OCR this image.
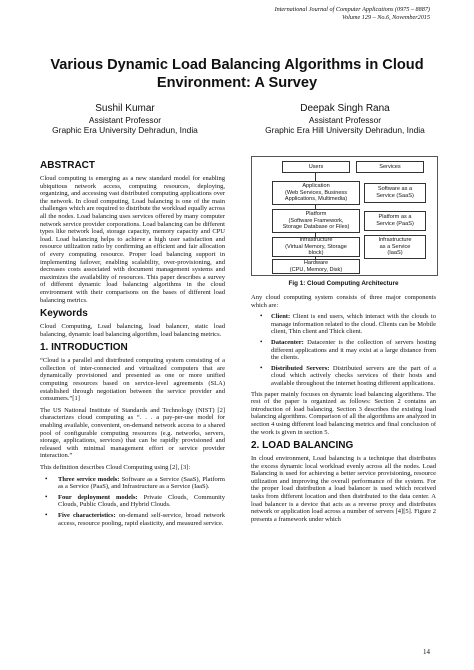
International Journal of Computer Applications (0975 – 8887)
Volume 129 – No.6, November2015
Various Dynamic Load Balancing Algorithms in Cloud Environment: A Survey
Sushil Kumar
Assistant Professor
Graphic Era University Dehradun, India
Deepak Singh Rana
Assistant Professor
Graphic Era Hill University Dehradun, India
ABSTRACT

Cloud computing is emerging as a new standard model for enabling ubiquitous network access, computing resources, deploying, organizing, and accessing vast distributed computing applications over the network. In cloud computing, Load balancing is one of the main challenges which are required to distribute the workload equally across all the nodes. Load balancing uses services offered by many computer network service provider corporations. Load balancing can be different types like network load, storage capacity, memory capacity and CPU load. Load balancing helps to achieve a high user satisfaction and resource utilization ratio by confirming an efficient and fair allocation of every computing resource. Proper load balancing support in implementing failover, enabling scalability, over-provisioning, and decreases costs associated with document management systems and maximizes the availability of resources. This paper describes a survey of different dynamic load balancing algorithms in the cloud environment with their comparisons on the bases of different load balancing metrics.

Keywords

Cloud Computing, Load balancing, load balancer, static load balancing, dynamic load balancing algorithm, load balancing metrics.

1. INTRODUCTION

“Cloud is a parallel and distributed computing system consisting of a collection of inter-connected and virtualized computers that are dynamically provisioned and presented as one or more unified computing resources based on service-level agreements (SLA) established through negotiation between the service provider and consumers.”[1]

The US National Institute of Standards and Technology (NIST) [2] characterizes cloud computing as “. . . a pay-per-use model for enabling available, convenient, on-demand network access to a shared pool of configurable computing resources (e.g. networks, servers, storage, applications, services) that can be rapidly provisioned and released with minimal management effort or service provider interaction.”

This definition describes Cloud Computing using [2], [3]:

• Three service models: Software as a Service (SaaS), Platform as a Service (PaaS), and Infrastructure as a Service (IaaS).
• Four deployment models: Private Clouds, Community Clouds, Public Clouds, and Hybrid Clouds.
• Five characteristics: on-demand self-service, broad network access, resource pooling, rapid elasticity, and measured service.
Users	Services
Application
(Web Services, Business
Applications, Multimedia)
Software as a
Service (SaaS)
Platform
(Software Framework,
Storage Database or Files)
Platform as a
Service (PaaS)
Infrastructure
(Virtual Memory, Storage
block)
Infrastructure
as a Service
(IaaS)
Hardware
(CPU, Memory, Disk)
Fig 1: Cloud Computing Architecture

Any cloud computing system consists of three major components which are:

• Client: Client is end users, which interact with the clouds to manage information related to the cloud. Clients can be Mobile client, Thin client and Thick client.
• Datacenter: Datacenter is the collection of servers hosting different applications and it may exist at a large distance from the clients.
• Distributed Servers: Distributed servers are the part of a cloud which actively checks services of their hosts and available throughout the internet hosting different applications.

This paper mainly focuses on dynamic load balancing algorithms. The rest of the paper is organized as follows: Section 2 contains an introduction of load balancing. Section 3 describes the existing load balancing algorithms. Comparison of all the algorithms are analyzed in section 4 using different load balancing metrics and final conclusion of the work is given in section 5.

2. LOAD BALANCING

In cloud environment, Load balancing is a technique that distributes the excess dynamic local workload evenly across all the nodes. Load Balancing is used for achieving a better service provisioning, resource utilization and improving the overall performance of the system. For the proper load distribution a load balancer is used which received tasks from different location and then distributed to the data center. A load balancer is a device that acts as a reverse proxy and distributes network or application load across a number of servers [4][5]. Figure 2 presents a framework under which

14
